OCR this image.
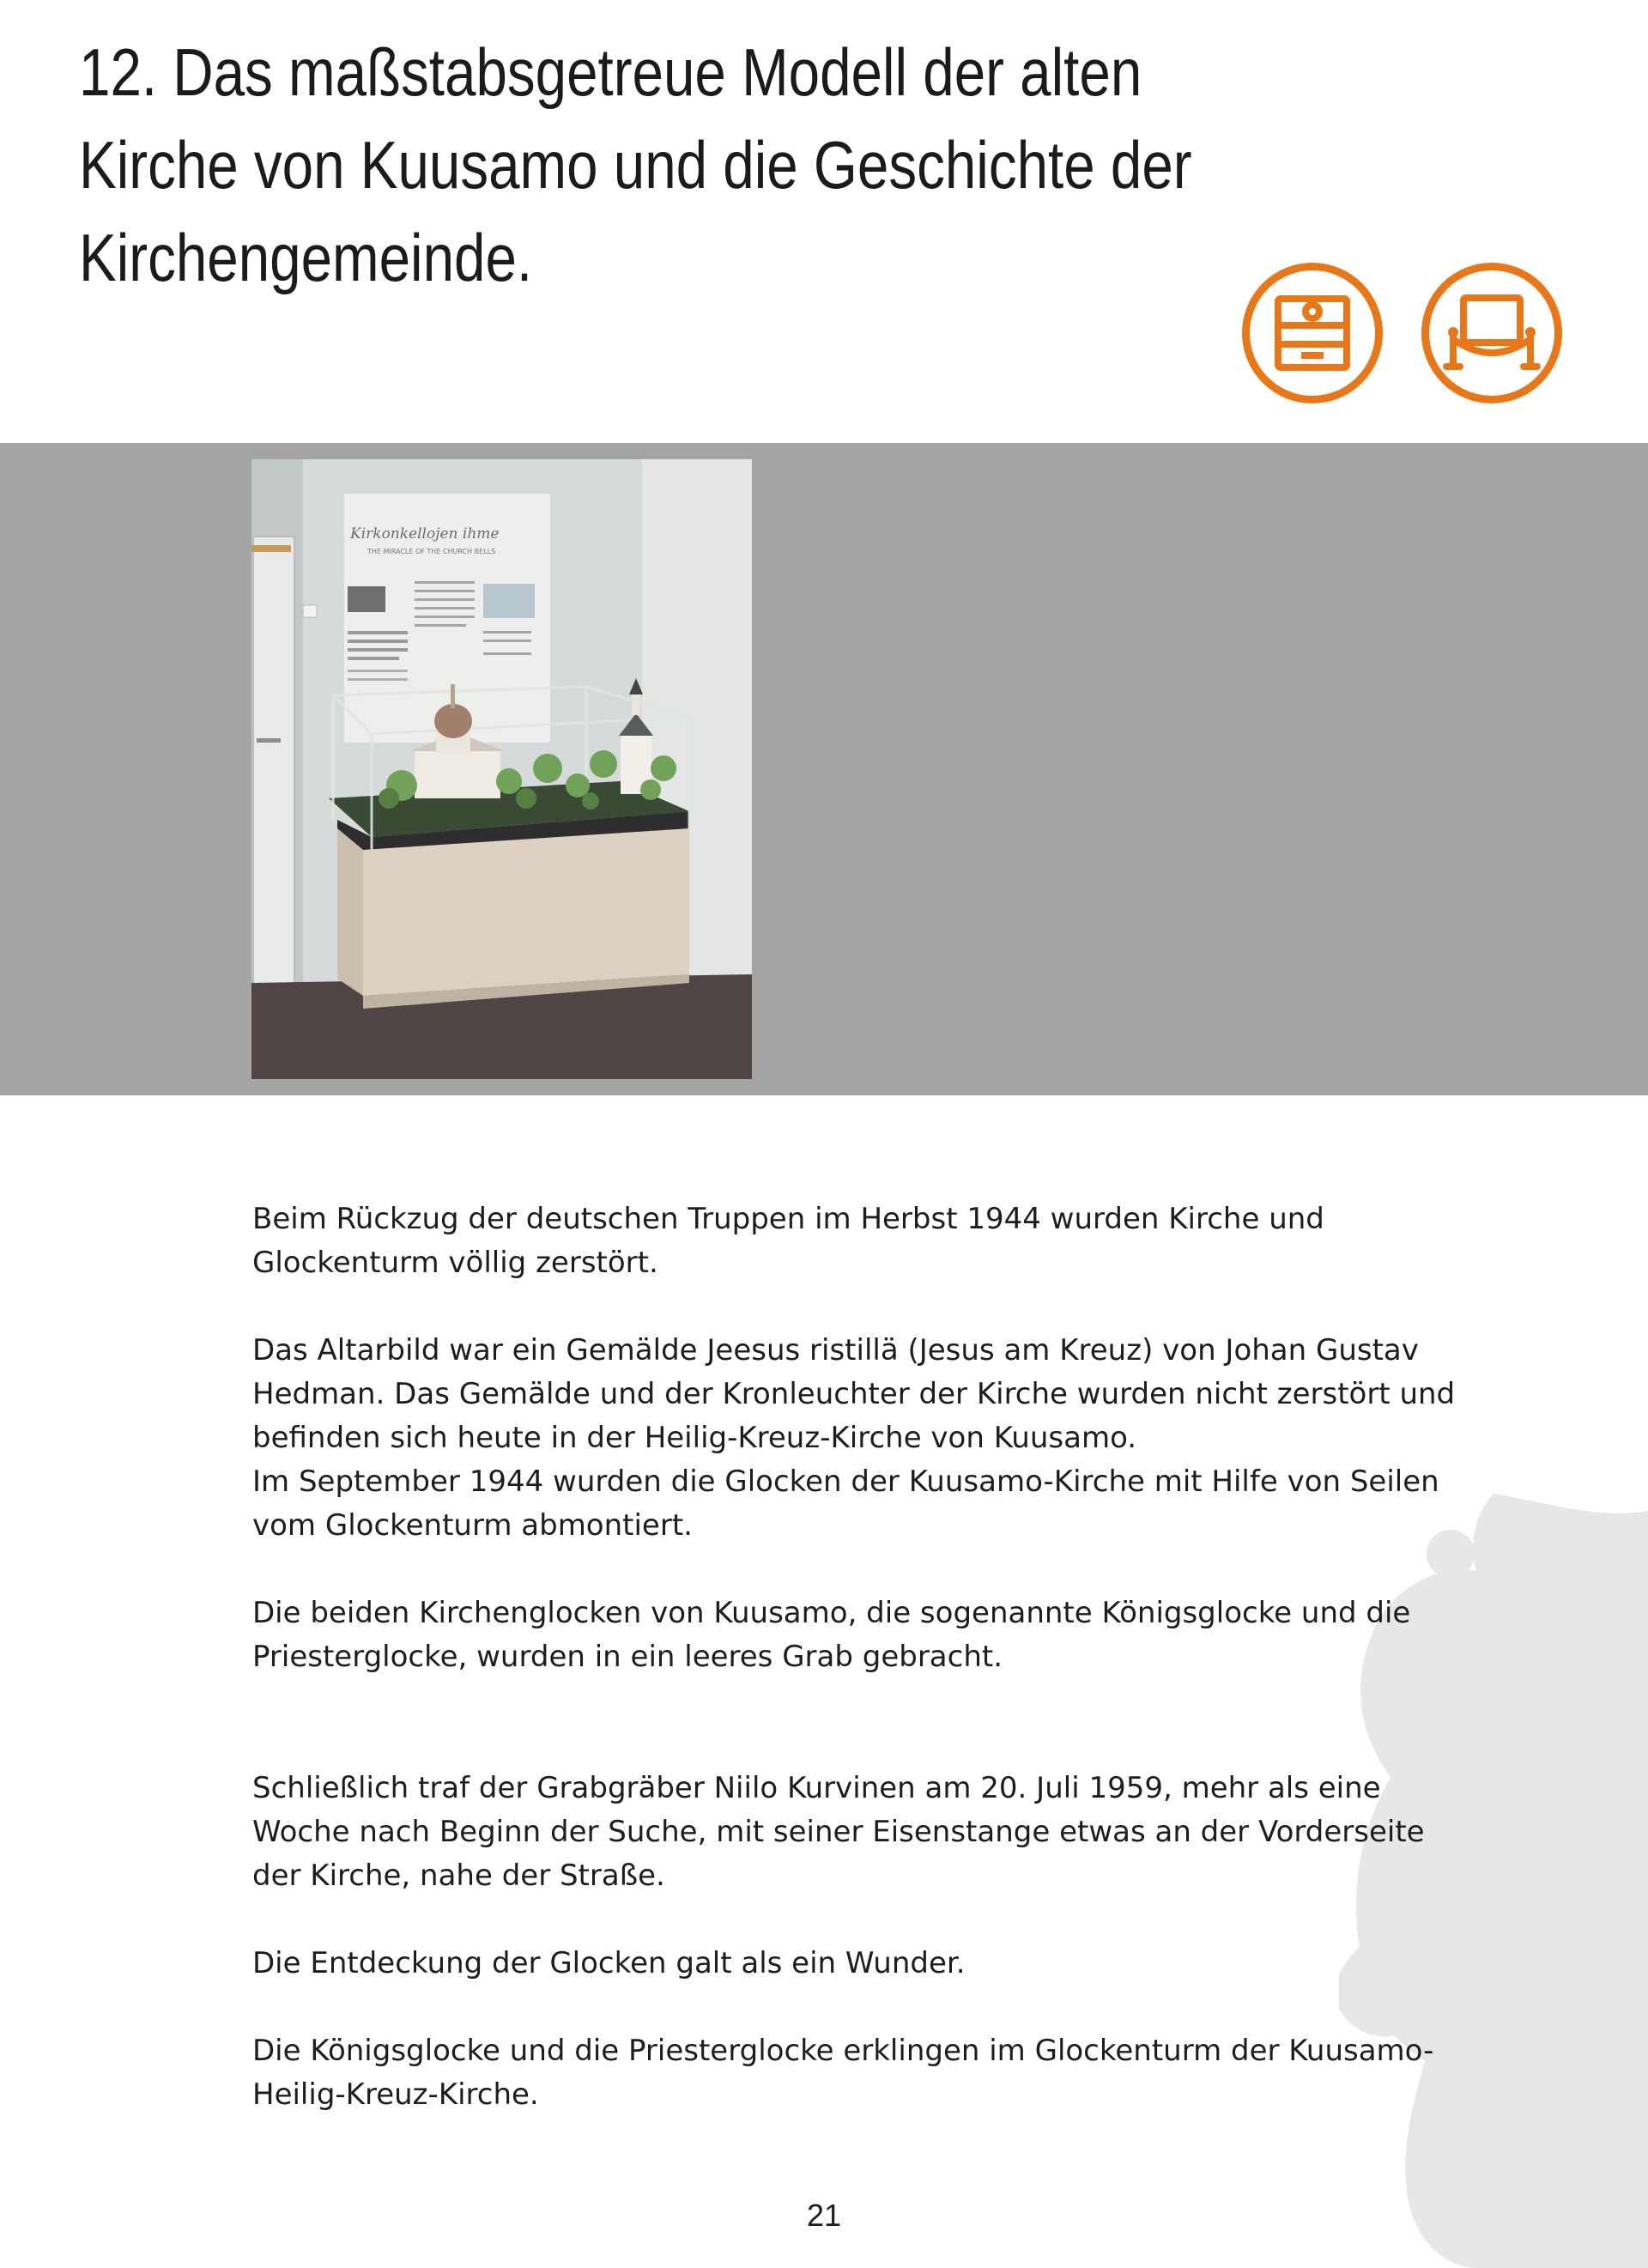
12. Das maßstabsgetreue Modell der alten
Kirche von Kuusamo und die Geschichte der
Kirchengemeinde.
Kirkonkellojen ihme
THE MIRACLE OF THE CHURCH BELLS

Beim Rückzug der deutschen Truppen im Herbst 1944 wurden Kirche und
Glockenturm völlig zerstört.

Das Altarbild war ein Gemälde Jeesus ristillä (Jesus am Kreuz) von Johan Gustav
Hedman. Das Gemälde und der Kronleuchter der Kirche wurden nicht zerstört und
befinden sich heute in der Heilig-Kreuz-Kirche von Kuusamo.
Im September 1944 wurden die Glocken der Kuusamo-Kirche mit Hilfe von Seilen
vom Glockenturm abmontiert.

Die beiden Kirchenglocken von Kuusamo, die sogenannte Königsglocke und die
Priesterglocke, wurden in ein leeres Grab gebracht.

Schließlich traf der Grabgräber Niilo Kurvinen am 20. Juli 1959, mehr als eine
Woche nach Beginn der Suche, mit seiner Eisenstange etwas an der Vorderseite
der Kirche, nahe der Straße.

Die Entdeckung der Glocken galt als ein Wunder.

Die Königsglocke und die Priesterglocke erklingen im Glockenturm der Kuusamo-
Heilig-Kreuz-Kirche.

21
